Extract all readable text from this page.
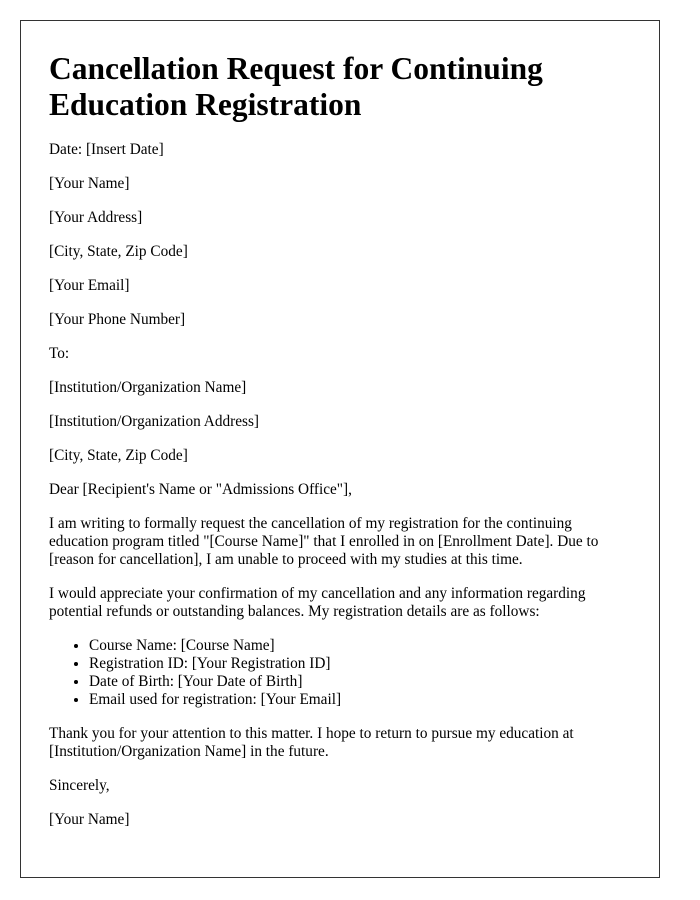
Cancellation Request for Continuing Education Registration

Date: [Insert Date]

[Your Name]

[Your Address]

[City, State, Zip Code]

[Your Email]

[Your Phone Number]

To:

[Institution/Organization Name]

[Institution/Organization Address]

[City, State, Zip Code]

Dear [Recipient's Name or "Admissions Office"],

I am writing to formally request the cancellation of my registration for the continuing education program titled "[Course Name]" that I enrolled in on [Enrollment Date]. Due to [reason for cancellation], I am unable to proceed with my studies at this time.

I would appreciate your confirmation of my cancellation and any information regarding potential refunds or outstanding balances. My registration details are as follows:

• Course Name: [Course Name]
• Registration ID: [Your Registration ID]
• Date of Birth: [Your Date of Birth]
• Email used for registration: [Your Email]

Thank you for your attention to this matter. I hope to return to pursue my education at [Institution/Organization Name] in the future.

Sincerely,

[Your Name]
